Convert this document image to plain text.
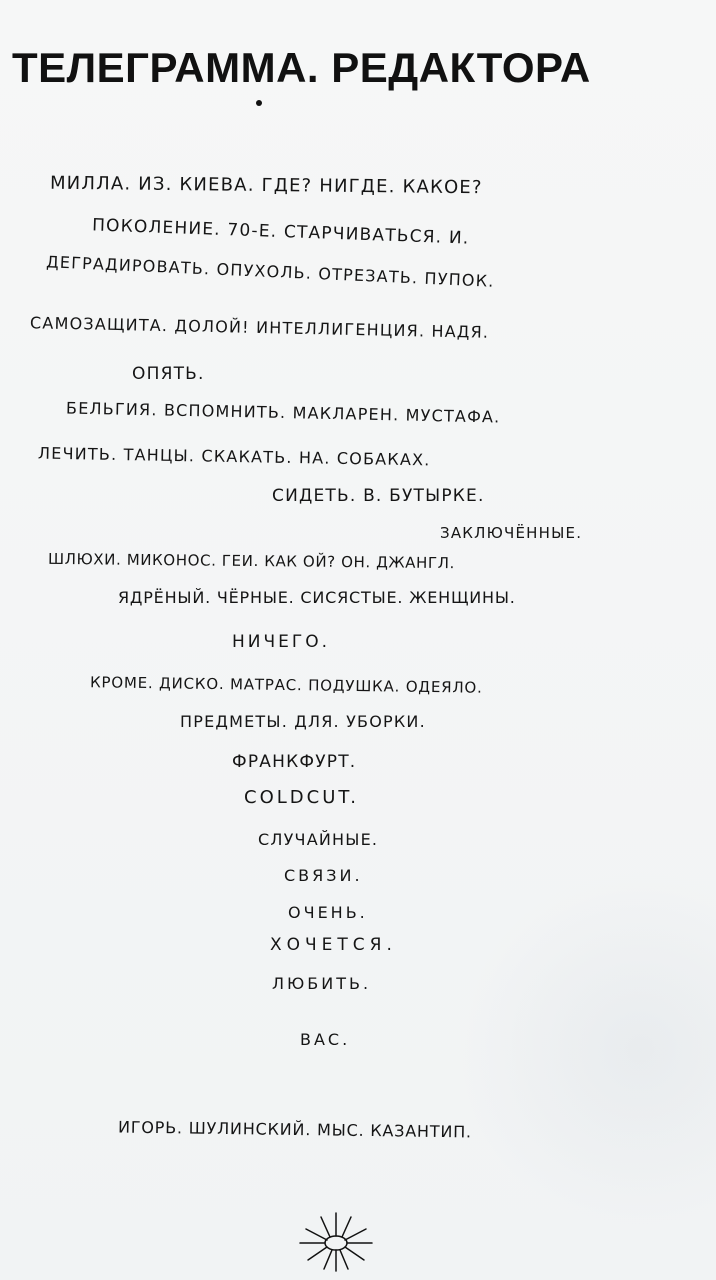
ТЕЛЕГРАММА. РЕДАКТОРА
МИЛЛА. ИЗ. КИЕВА. ГДЕ? НИГДЕ. КАКОЕ?
ПОКОЛЕНИЕ. 70-Е. СТАРЧИВАТЬСЯ. И.
ДЕГРАДИРОВАТЬ. ОПУХОЛЬ. ОТРЕЗАТЬ. ПУПОК.
САМОЗАЩИТА. ДОЛОЙ! ИНТЕЛЛИГЕНЦИЯ. НАДЯ.
ОПЯТЬ.
БЕЛЬГИЯ. ВСПОМНИТЬ. МАКЛАРЕН. МУСТАФА.
ЛЕЧИТЬ. ТАНЦЫ. СКАКАТЬ. НА. СОБАКАХ.
СИДЕТЬ. В. БУТЫРКЕ.
ЗАКЛЮЧЁННЫЕ.
ШЛЮХИ. МИКОНОС. ГЕИ. КАК ОЙ? ОН. ДЖАНГЛ.
ЯДРЁНЫЙ. ЧЁРНЫЕ. СИСЯСТЫЕ. ЖЕНЩИНЫ.
НИЧЕГО.
КРОМЕ. ДИСКО. МАТРАС. ПОДУШКА. ОДЕЯЛО.
ПРЕДМЕТЫ. ДЛЯ. УБОРКИ.
ФРАНКФУРТ.
COLDCUT.
СЛУЧАЙНЫЕ.
СВЯЗИ.
ОЧЕНЬ.
ХОЧЕТСЯ.
ЛЮБИТЬ.
ВАС.
ИГОРЬ. ШУЛИНСКИЙ. МЫС. КАЗАНТИП.
